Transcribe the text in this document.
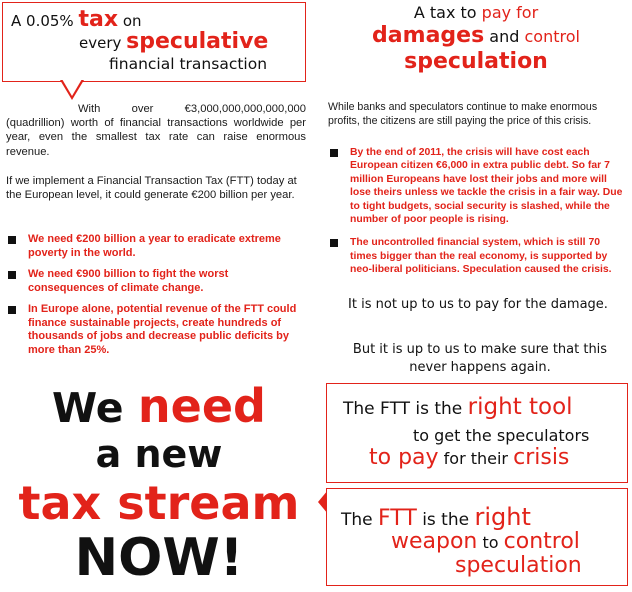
A 0.05% tax on
every speculative
financial transaction
With over €3,000,000,000,000,000 (quadrillion) worth of financial transactions worldwide per year, even the smallest tax rate can raise enormous revenue.
If we implement a Financial Transaction Tax (FTT) today at the European level, it could generate €200 billion per year.
We need €200 billion a year to eradicate extreme poverty in the world.
We need €900 billion to fight the worst consequences of climate change.
In Europe alone, potential revenue of the FTT could finance sustainable projects, create hundreds of thousands of jobs and decrease public deficits by more than 25%.
We need
a new
tax stream
NOW!
A tax to pay for
damages and control
speculation
While banks and speculators continue to make enormous profits, the citizens are still paying the price of this crisis.
By the end of 2011, the crisis will have cost each European citizen €6,000 in extra public debt. So far 7 million Europeans have lost their jobs and more will lose theirs unless we tackle the crisis in a fair way. Due to tight budgets, social security is slashed, while the number of poor people is rising.
The uncontrolled financial system, which is still 70 times bigger than the real economy, is supported by neo-liberal politicians. Speculation caused the crisis.
It is not up to us to pay for the damage.
But it is up to us to make sure that this never happens again.
The FTT is the right tool
to get the speculators
to pay for their crisis
The FTT is the right
weapon to control
speculation
